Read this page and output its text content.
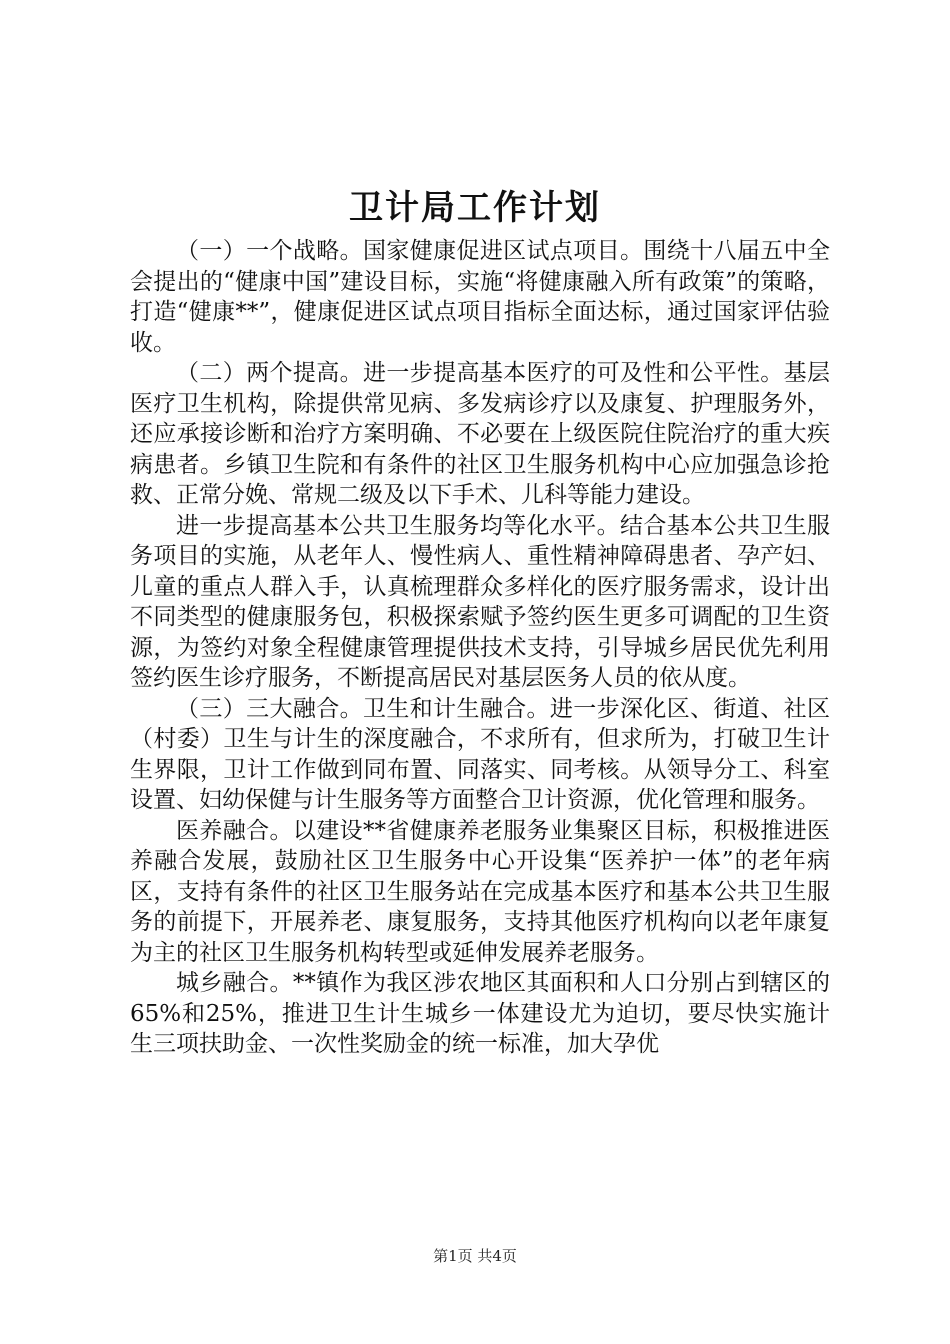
卫计局工作计划

（一）一个战略。国家健康促进区试点项目。围绕十八届五中全会提出的“健康中国”建设目标，实施“将健康融入所有政策”的策略，打造“健康**”，健康促进区试点项目指标全面达标，通过国家评估验收。

（二）两个提高。进一步提高基本医疗的可及性和公平性。基层医疗卫生机构，除提供常见病、多发病诊疗以及康复、护理服务外，还应承接诊断和治疗方案明确、不必要在上级医院住院治疗的重大疾病患者。乡镇卫生院和有条件的社区卫生服务机构中心应加强急诊抢救、正常分娩、常规二级及以下手术、儿科等能力建设。

进一步提高基本公共卫生服务均等化水平。结合基本公共卫生服务项目的实施，从老年人、慢性病人、重性精神障碍患者、孕产妇、儿童的重点人群入手，认真梳理群众多样化的医疗服务需求，设计出不同类型的健康服务包，积极探索赋予签约医生更多可调配的卫生资源，为签约对象全程健康管理提供技术支持，引导城乡居民优先利用签约医生诊疗服务，不断提高居民对基层医务人员的依从度。

（三）三大融合。卫生和计生融合。进一步深化区、街道、社区（村委）卫生与计生的深度融合，不求所有，但求所为，打破卫生计生界限，卫计工作做到同布置、同落实、同考核。从领导分工、科室设置、妇幼保健与计生服务等方面整合卫计资源，优化管理和服务。

医养融合。以建设**省健康养老服务业集聚区目标，积极推进医养融合发展，鼓励社区卫生服务中心开设集“医养护一体”的老年病区，支持有条件的社区卫生服务站在完成基本医疗和基本公共卫生服务的前提下，开展养老、康复服务，支持其他医疗机构向以老年康复为主的社区卫生服务机构转型或延伸发展养老服务。

城乡融合。**镇作为我区涉农地区其面积和人口分别占到辖区的65%和25%，推进卫生计生城乡一体建设尤为迫切，要尽快实施计生三项扶助金、一次性奖励金的统一标准，加大孕优

第1页 共4页
